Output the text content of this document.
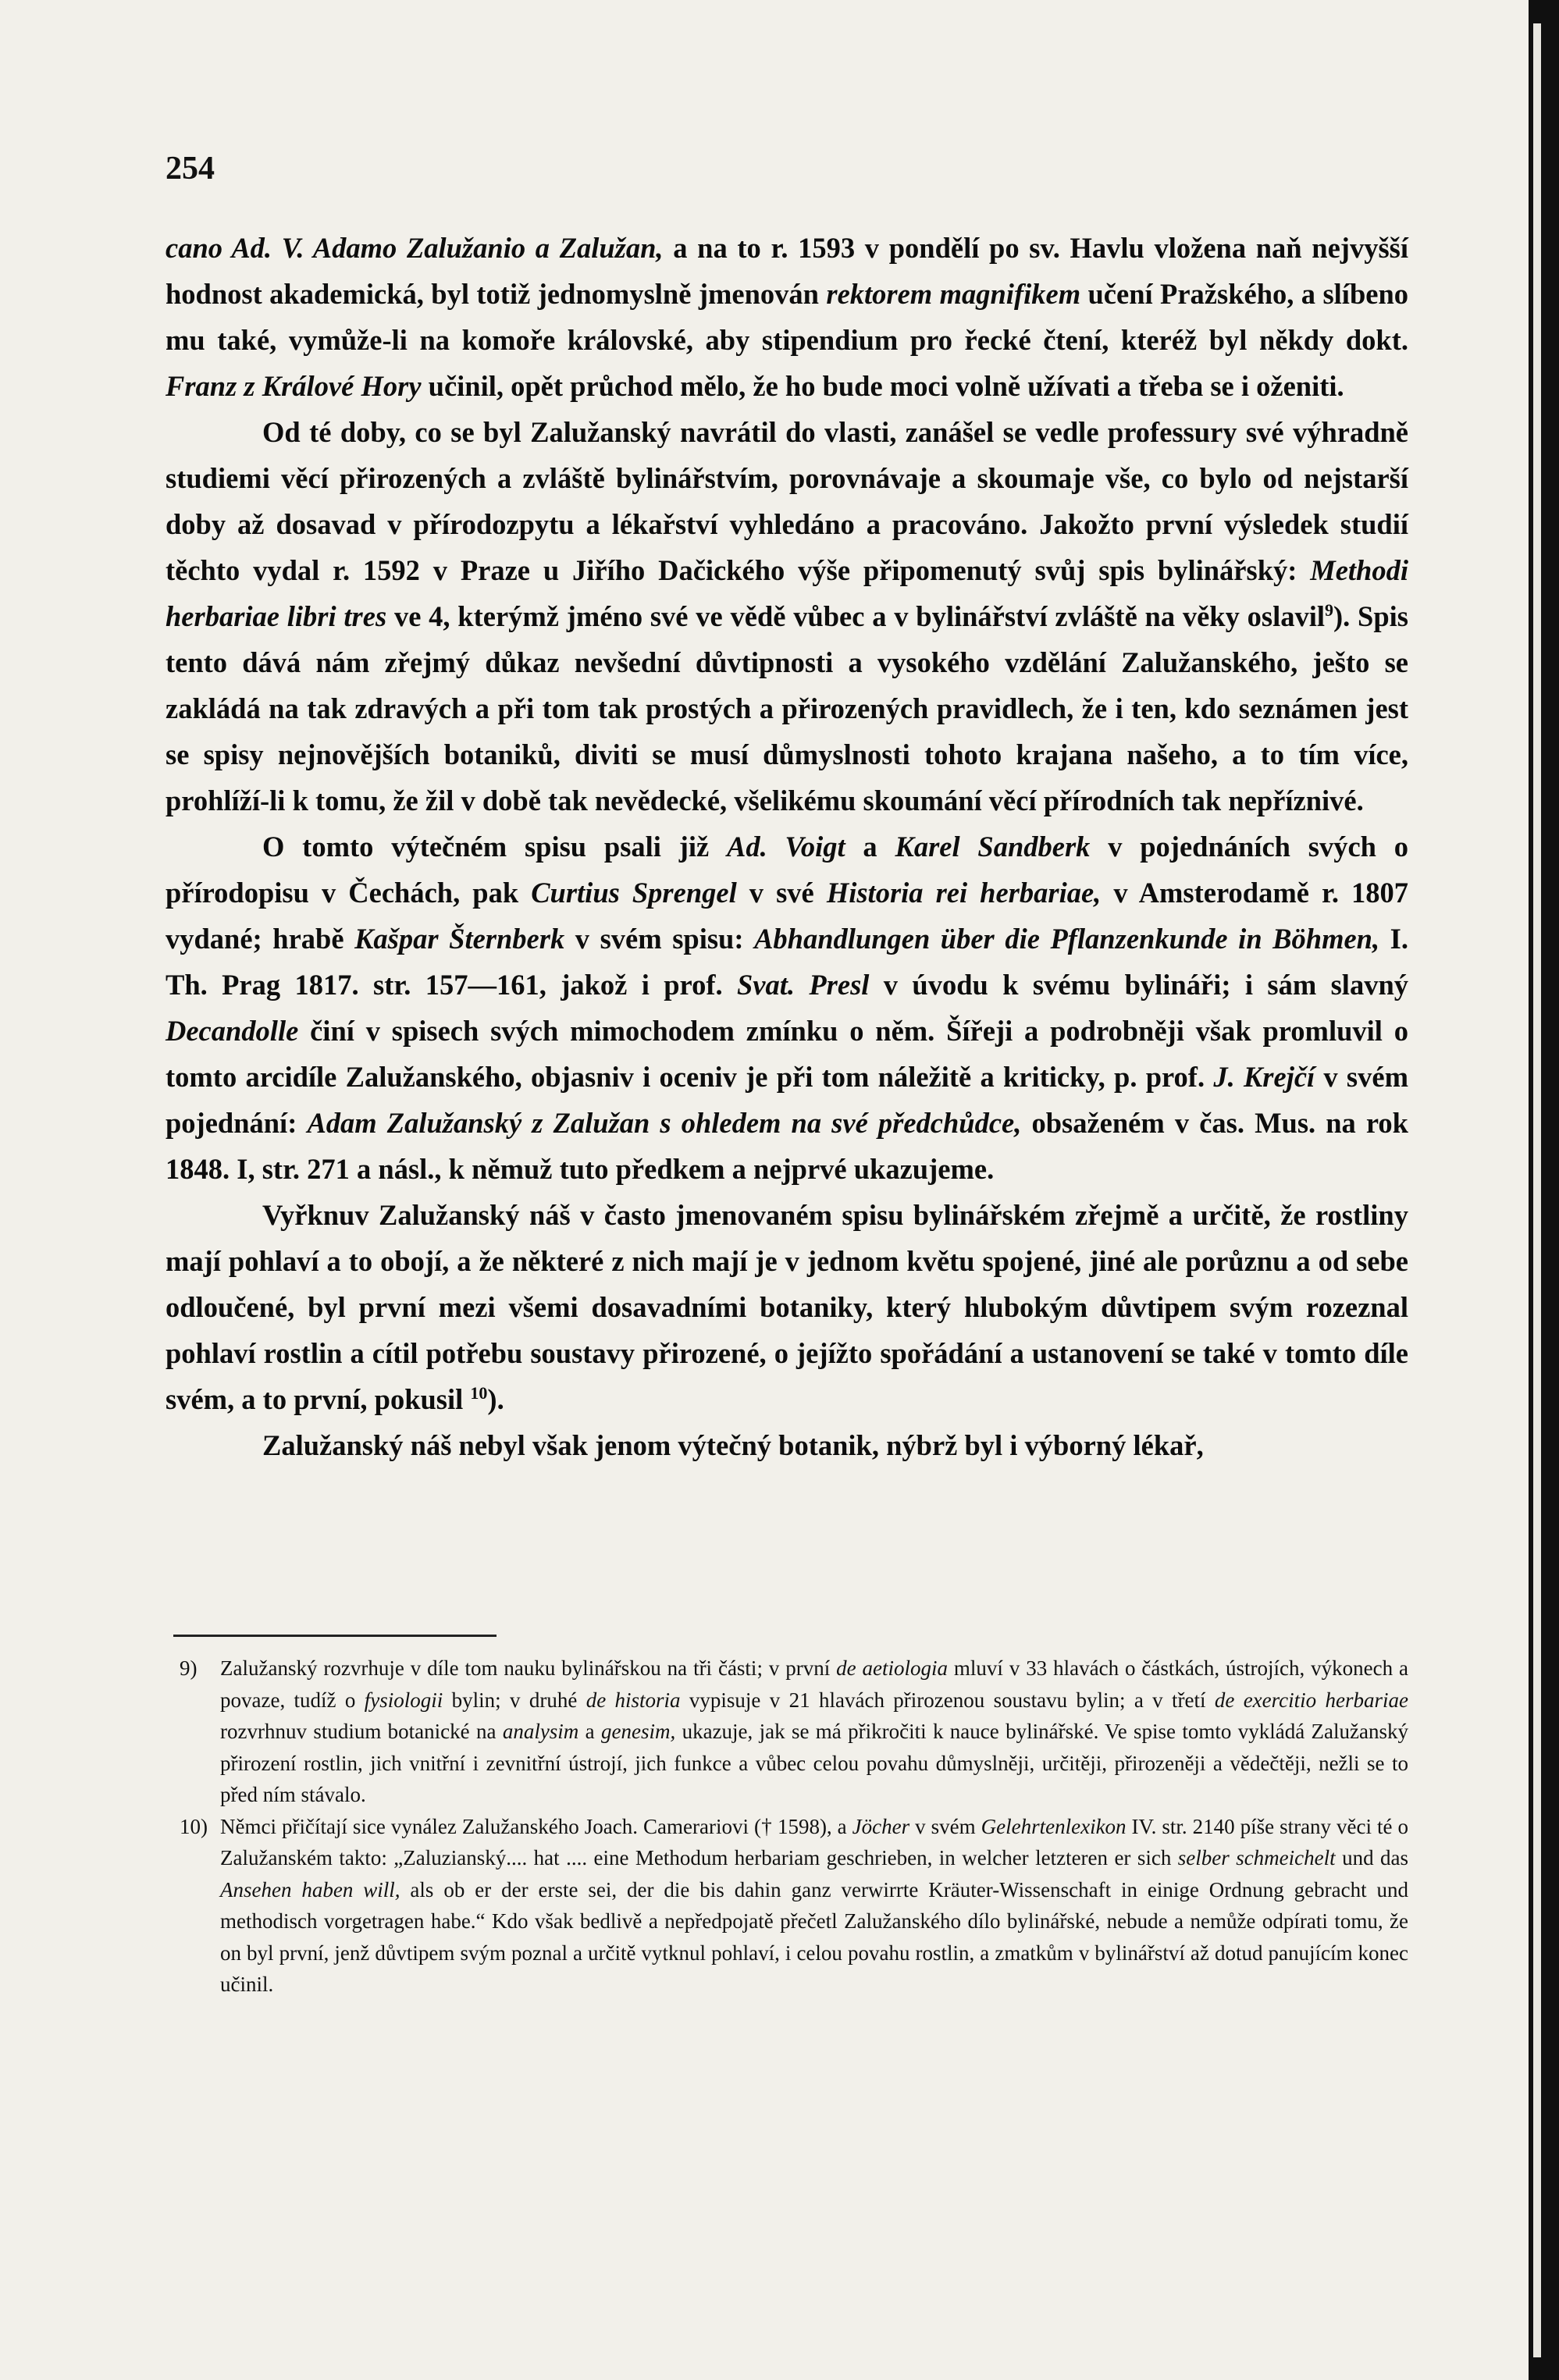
254

cano Ad. V. Adamo Zalužanio a Zalužan, a na to r. 1593 v pondělí po sv. Havlu vložena naň nejvyšší hodnost akademická, byl totiž jednomyslně jmenován rektorem magnifikem učení Pražského, a slíbeno mu také, vymůže-li na komoře královské, aby stipendium pro řecké čtení, kteréž byl někdy dokt. Franz z Králové Hory učinil, opět průchod mělo, že ho bude moci volně užívati a třeba se i oženiti.

Od té doby, co se byl Zalužanský navrátil do vlasti, zanášel se vedle professury své výhradně studiemi věcí přirozených a zvláště bylinářstvím, porovnávaje a skoumaje vše, co bylo od nejstarší doby až dosavad v přírodozpytu a lékařství vyhledáno a pracováno. Jakožto první výsledek studií těchto vydal r. 1592 v Praze u Jiřího Dačického výše připomenutý svůj spis bylinářský: Methodi herbariae libri tres ve 4, kterýmž jméno své ve vědě vůbec a v bylinářství zvláště na věky oslavil$^9$). Spis tento dává nám zřejmý důkaz nevšední důvtipnosti a vysokého vzdělání Zalužanského, ješto se zakládá na tak zdravých a při tom tak prostých a přirozených pravidlech, že i ten, kdo seznámen jest se spisy nejnovějších botaniků, diviti se musí důmyslnosti tohoto krajana našeho, a to tím více, prohlíží-li k tomu, že žil v době tak nevědecké, všelikému skoumání věcí přírodních tak nepříznivé.

O tomto výtečném spisu psali již Ad. Voigt a Karel Sandberk v pojednáních svých o přírodopisu v Čechách, pak Curtius Sprengel v své Historia rei herbariae, v Amsterodamě r. 1807 vydané; hrabě Kašpar Šternberk v svém spisu: Abhandlungen über die Pflanzenkunde in Böhmen, I. Th. Prag 1817. str. 157—161, jakož i prof. Svat. Presl v úvodu k svému bylináři; i sám slavný Decandolle činí v spisech svých mimochodem zmínku o něm. Šířeji a podrobněji však promluvil o tomto arcidíle Zalužanského, objasniv i oceniv je při tom náležitě a kriticky, p. prof. J. Krejčí v svém pojednání: Adam Zalužanský z Zalužan s ohledem na své předchůdce, obsaženém v čas. Mus. na rok 1848. I, str. 271 a násl., k němuž tuto předkem a nejprvé ukazujeme.

Vyřknuv Zalužanský náš v často jmenovaném spisu bylinářském zřejmě a určitě, že rostliny mají pohlaví a to obojí, a že některé z nich mají je v jednom květu spojené, jiné ale porůznu a od sebe odloučené, byl první mezi všemi dosavadními botaniky, který hlubokým důvtipem svým rozeznal pohlaví rostlin a cítil potřebu soustavy přirozené, o jejížto spořádání a ustanovení se také v tomto díle svém, a to první, pokusil $^{10}$).

Zalužanský náš nebyl však jenom výtečný botanik, nýbrž byl i výborný lékař,

9) Zalužanský rozvrhuje v díle tom nauku bylinářskou na tři části; v první de aetiologia mluví v 33 hlavách o částkách, ústrojích, výkonech a povaze, tudíž o fysiologii bylin; v druhé de historia vypisuje v 21 hlavách přirozenou soustavu bylin; a v třetí de exercitio herbariae rozvrhnuv studium botanické na analysim a genesim, ukazuje, jak se má přikročiti k nauce bylinářské. Ve spise tomto vykládá Zalužanský přirození rostlin, jich vnitřní i zevnitřní ústrojí, jich funkce a vůbec celou povahu důmyslněji, určitěji, přirozeněji a vědečtěji, nežli se to před ním stávalo.

10) Němci přičítají sice vynález Zalužanského Joach. Camerariovi († 1598), a Jöcher v svém Gelehrtenlexikon IV. str. 2140 píše strany věci té o Zalužanském takto: „Zaluzianský.... hat .... eine Methodum herbariam geschrieben, in welcher letzteren er sich selber schmeichelt und das Ansehen haben will, als ob er der erste sei, der die bis dahin ganz verwirrte Kräuter-Wissenschaft in einige Ordnung gebracht und methodisch vorgetragen habe.“ Kdo však bedlivě a nepředpojatě přečetl Zalužanského dílo bylinářské, nebude a nemůže odpírati tomu, že on byl první, jenž důvtipem svým poznal a určitě vytknul pohlaví, i celou povahu rostlin, a zmatkům v bylinářství až dotud panujícím konec učinil.
